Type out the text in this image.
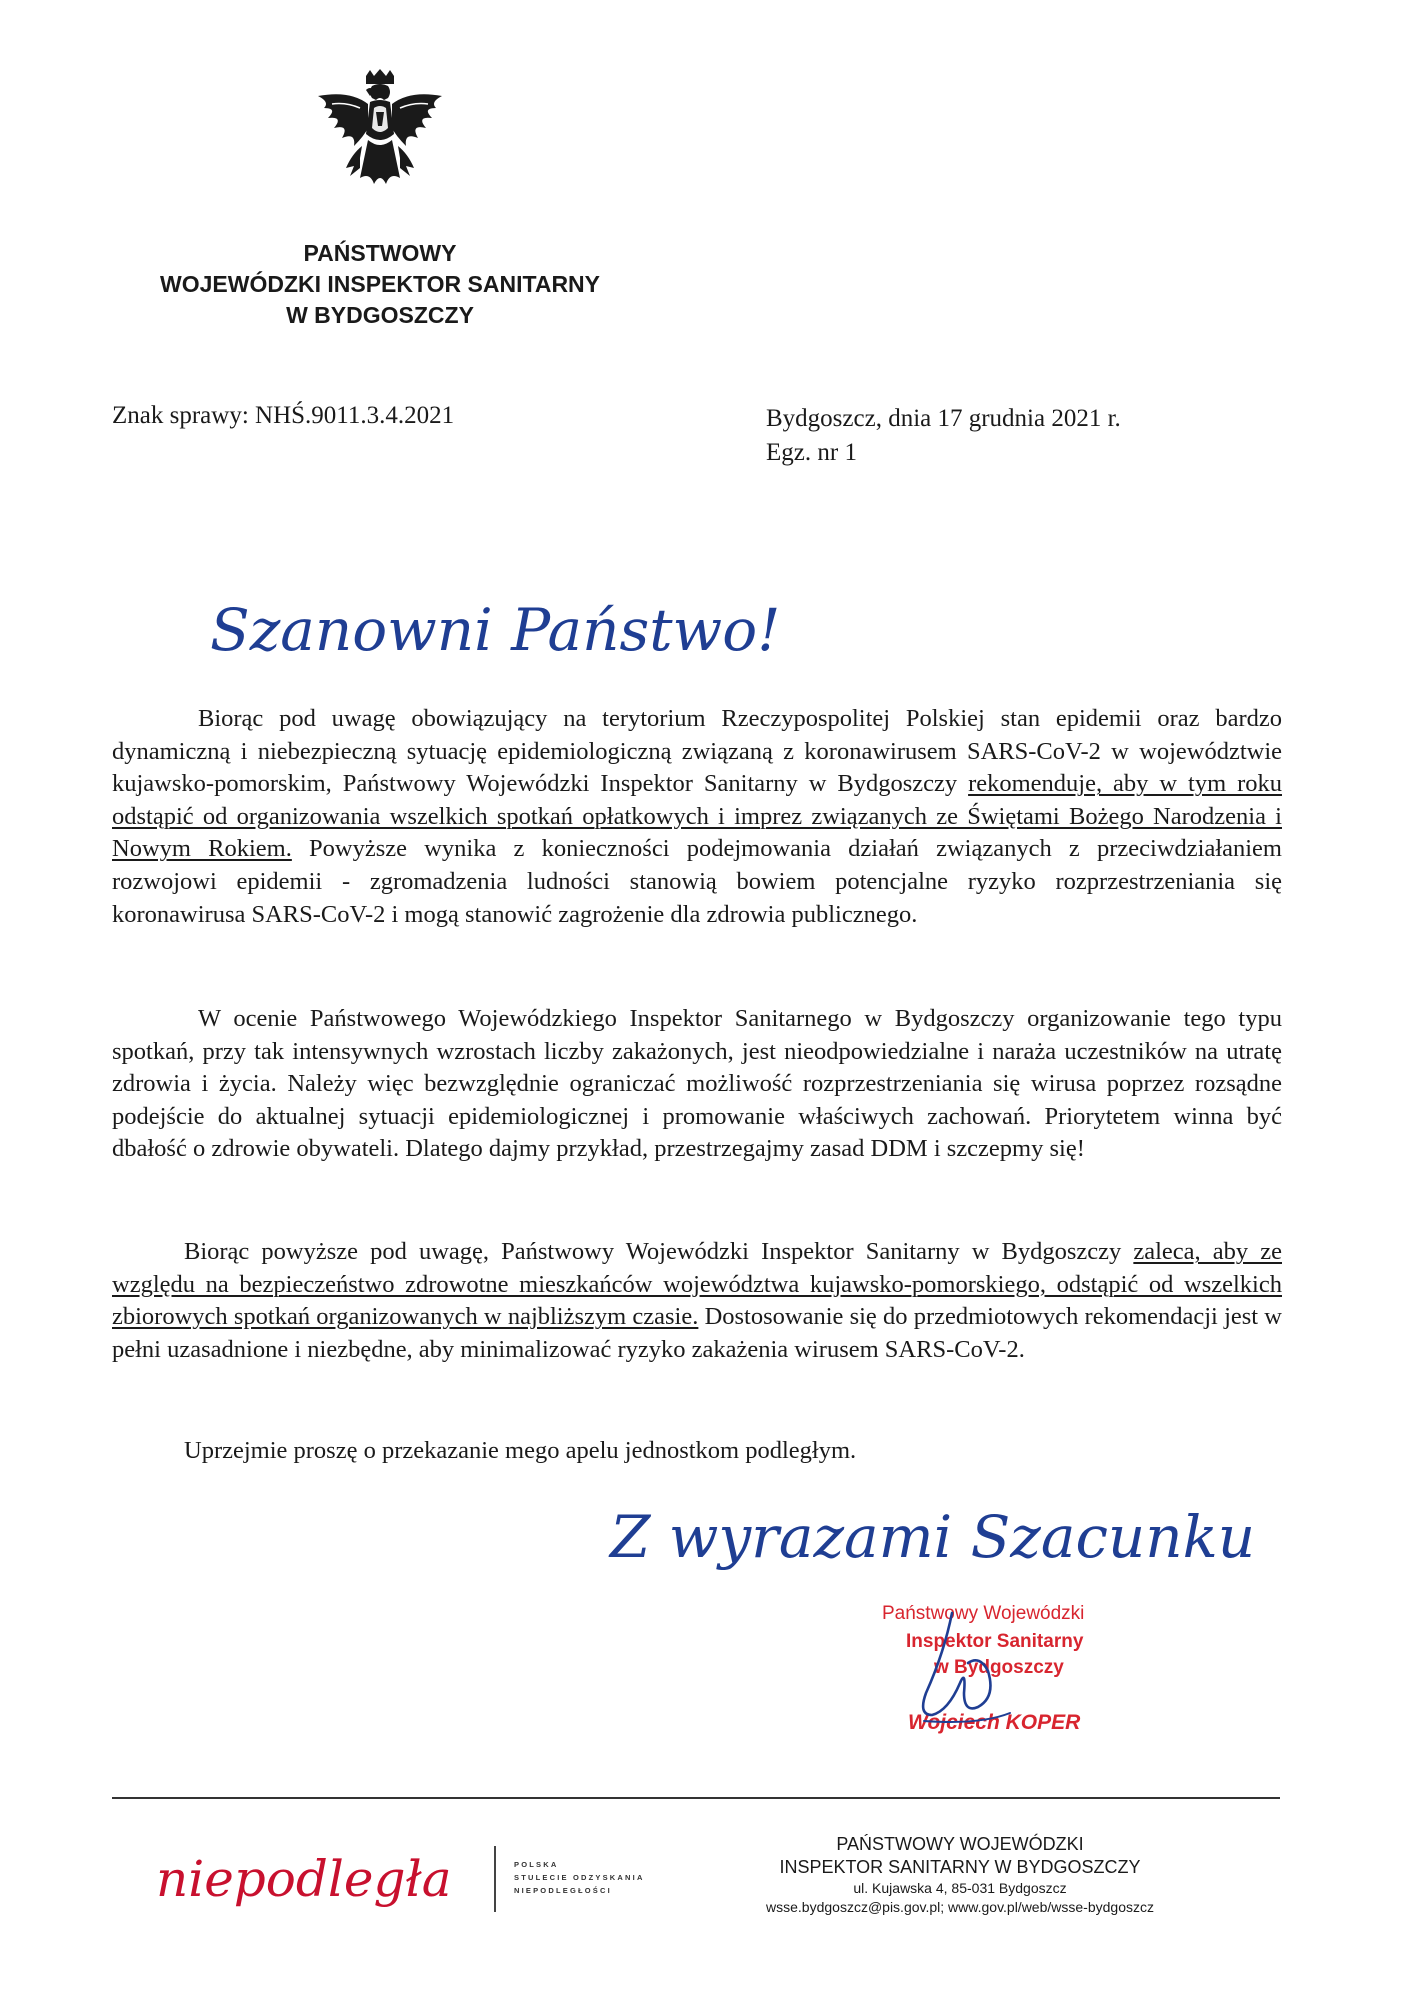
PAŃSTWOWY
WOJEWÓDZKI INSPEKTOR SANITARNY
W BYDGOSZCZY
Znak sprawy: NHŚ.9011.3.4.2021	Bydgoszcz, dnia 17 grudnia 2021 r.
Egz. nr 1
Szanowni Państwo!

Biorąc pod uwagę obowiązujący na terytorium Rzeczypospolitej Polskiej stan epidemii oraz bardzo dynamiczną i niebezpieczną sytuację epidemiologiczną związaną z koronawirusem SARS-CoV-2 w województwie kujawsko-pomorskim, Państwowy Wojewódzki Inspektor Sanitarny w Bydgoszczy rekomenduje, aby w tym roku odstąpić od organizowania wszelkich spotkań opłatkowych i imprez związanych ze Świętami Bożego Narodzenia i Nowym Rokiem. Powyższe wynika z konieczności podejmowania działań związanych z przeciwdziałaniem rozwojowi epidemii - zgromadzenia ludności stanowią bowiem potencjalne ryzyko rozprzestrzeniania się koronawirusa SARS-CoV-2 i mogą stanowić zagrożenie dla zdrowia publicznego.

W ocenie Państwowego Wojewódzkiego Inspektor Sanitarnego w Bydgoszczy organizowanie tego typu spotkań, przy tak intensywnych wzrostach liczby zakażonych, jest nieodpowiedzialne i naraża uczestników na utratę zdrowia i życia. Należy więc bezwzględnie ograniczać możliwość rozprzestrzeniania się wirusa poprzez rozsądne podejście do aktualnej sytuacji epidemiologicznej i promowanie właściwych zachowań. Priorytetem winna być dbałość o zdrowie obywateli. Dlatego dajmy przykład, przestrzegajmy zasad DDM i szczepmy się!

Biorąc powyższe pod uwagę, Państwowy Wojewódzki Inspektor Sanitarny w Bydgoszczy zaleca, aby ze względu na bezpieczeństwo zdrowotne mieszkańców województwa kujawsko-pomorskiego, odstąpić od wszelkich zbiorowych spotkań organizowanych w najbliższym czasie. Dostosowanie się do przedmiotowych rekomendacji jest w pełni uzasadnione i niezbędne, aby minimalizować ryzyko zakażenia wirusem SARS-CoV-2.

Uprzejmie proszę o przekazanie mego apelu jednostkom podległym.

Z wyrazami Szacunku
Państwowy Wojewódzki
Inspektor Sanitarny
w Bydgoszczy
Wojciech KOPER
niepodległa	POLSKA
STULECIE ODZYSKANIA
NIEPODLEGŁOŚCI
PAŃSTWOWY WOJEWÓDZKI
INSPEKTOR SANITARNY W BYDGOSZCZY
ul. Kujawska 4, 85-031 Bydgoszcz
wsse.bydgoszcz@pis.gov.pl; www.gov.pl/web/wsse-bydgoszcz
